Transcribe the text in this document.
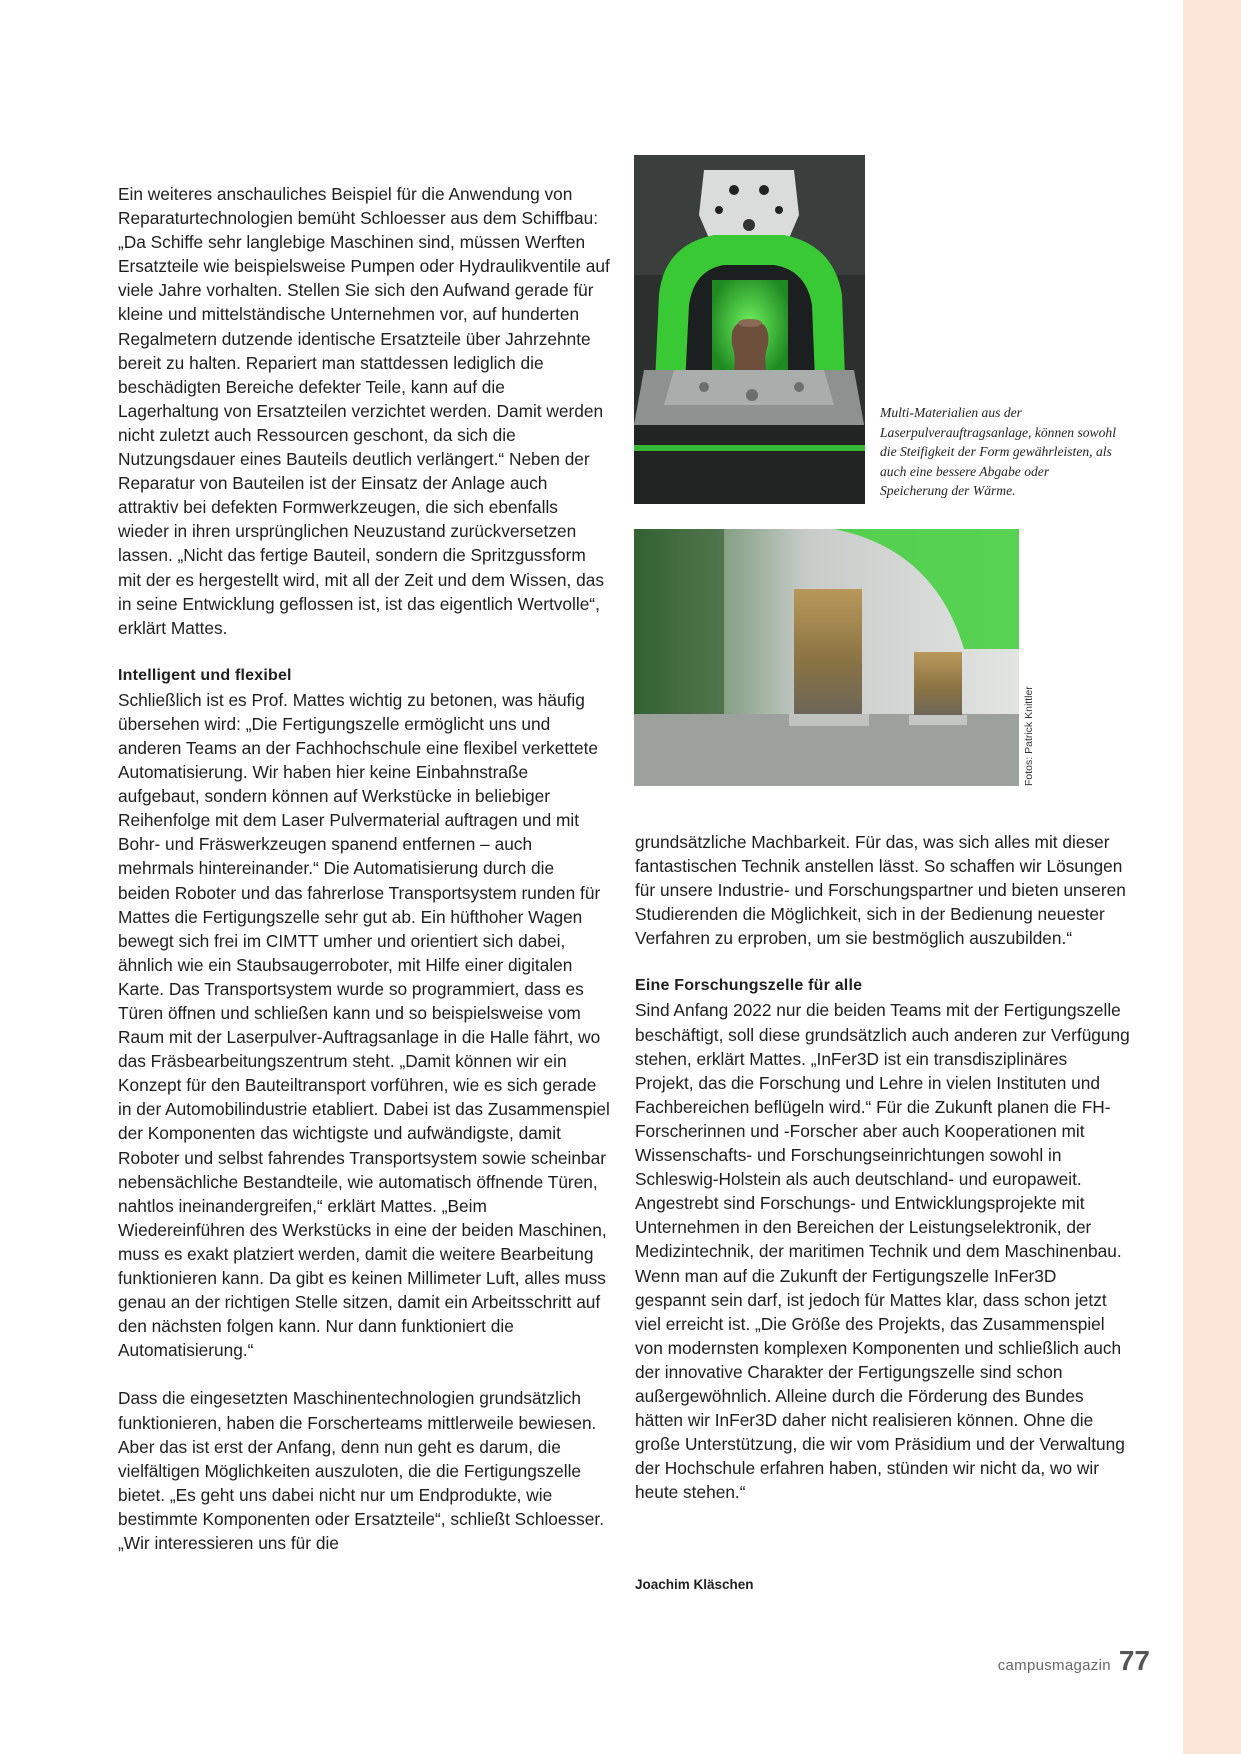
Ein weiteres anschauliches Beispiel für die Anwendung von Reparaturtechnologien bemüht Schloesser aus dem Schiffbau: „Da Schiffe sehr langlebige Maschinen sind, müssen Werften Ersatzteile wie beispielsweise Pumpen oder Hydraulikventile auf viele Jahre vorhalten. Stellen Sie sich den Aufwand gerade für kleine und mittelständische Unternehmen vor, auf hunderten Regalmetern dutzende identische Ersatzteile über Jahrzehnte bereit zu halten. Repariert man stattdessen lediglich die beschädigten Bereiche defekter Teile, kann auf die Lagerhaltung von Ersatzteilen verzichtet werden. Damit werden nicht zuletzt auch Ressourcen geschont, da sich die Nutzungsdauer eines Bauteils deutlich verlängert.“ Neben der Reparatur von Bauteilen ist der Einsatz der Anlage auch attraktiv bei defekten Formwerkzeugen, die sich ebenfalls wieder in ihren ursprünglichen Neuzustand zurückversetzen lassen. „Nicht das fertige Bauteil, sondern die Spritzgussform mit der es hergestellt wird, mit all der Zeit und dem Wissen, das in seine Entwicklung geflossen ist, ist das eigentlich Wertvolle“, erklärt Mattes.

Intelligent und flexibel

Schließlich ist es Prof. Mattes wichtig zu betonen, was häufig übersehen wird: „Die Fertigungszelle ermöglicht uns und anderen Teams an der Fachhochschule eine flexibel verkettete Automatisierung. Wir haben hier keine Einbahnstraße aufgebaut, sondern können auf Werkstücke in beliebiger Reihenfolge mit dem Laser Pulvermaterial auftragen und mit Bohr- und Fräswerkzeugen spanend entfernen – auch mehrmals hintereinander.“ Die Automatisierung durch die beiden Roboter und das fahrerlose Transportsystem runden für Mattes die Fertigungszelle sehr gut ab. Ein hüfthoher Wagen bewegt sich frei im CIMTT umher und orientiert sich dabei, ähnlich wie ein Staubsaugerroboter, mit Hilfe einer digitalen Karte. Das Transportsystem wurde so programmiert, dass es Türen öffnen und schließen kann und so beispielsweise vom Raum mit der Laserpulver-Auftragsanlage in die Halle fährt, wo das Fräsbearbeitungszentrum steht. „Damit können wir ein Konzept für den Bauteiltransport vorführen, wie es sich gerade in der Automobilindustrie etabliert. Dabei ist das Zusammenspiel der Komponenten das wichtigste und aufwändigste, damit Roboter und selbst fahrendes Transportsystem sowie scheinbar nebensächliche Bestandteile, wie automatisch öffnende Türen, nahtlos ineinandergreifen,“ erklärt Mattes. „Beim Wiedereinführen des Werkstücks in eine der beiden Maschinen, muss es exakt platziert werden, damit die weitere Bearbeitung funktionieren kann. Da gibt es keinen Millimeter Luft, alles muss genau an der richtigen Stelle sitzen, damit ein Arbeitsschritt auf den nächsten folgen kann. Nur dann funktioniert die Automatisierung.“

Dass die eingesetzten Maschinentechnologien grundsätzlich funktionieren, haben die Forscherteams mittlerweile bewiesen. Aber das ist erst der Anfang, denn nun geht es darum, die vielfältigen Möglichkeiten auszuloten, die die Fertigungszelle bietet. „Es geht uns dabei nicht nur um Endprodukte, wie bestimmte Komponenten oder Ersatzteile“, schließt Schloesser. „Wir interessieren uns für die

Multi-Materialien aus der Laserpulverauftragsanlage, können sowohl die Steifigkeit der Form gewährleisten, als auch eine bessere Abgabe oder Speicherung der Wärme.
Fotos: Patrick Knittler

grundsätzliche Machbarkeit. Für das, was sich alles mit dieser fantastischen Technik anstellen lässt. So schaffen wir Lösungen für unsere Industrie- und Forschungspartner und bieten unseren Studierenden die Möglichkeit, sich in der Bedienung neuester Verfahren zu erproben, um sie bestmöglich auszubilden.“

Eine Forschungszelle für alle

Sind Anfang 2022 nur die beiden Teams mit der Fertigungszelle beschäftigt, soll diese grundsätzlich auch anderen zur Verfügung stehen, erklärt Mattes. „InFer3D ist ein transdisziplinäres Projekt, das die Forschung und Lehre in vielen Instituten und Fachbereichen beflügeln wird.“ Für die Zukunft planen die FH-Forscherinnen und -Forscher aber auch Kooperationen mit Wissenschafts- und Forschungseinrichtungen sowohl in Schleswig-Holstein als auch deutschland- und europaweit. Angestrebt sind Forschungs- und Entwicklungsprojekte mit Unternehmen in den Bereichen der Leistungselektronik, der Medizintechnik, der maritimen Technik und dem Maschinenbau. Wenn man auf die Zukunft der Fertigungszelle InFer3D gespannt sein darf, ist jedoch für Mattes klar, dass schon jetzt viel erreicht ist. „Die Größe des Projekts, das Zusammenspiel von modernsten komplexen Komponenten und schließlich auch der innovative Charakter der Fertigungszelle sind schon außergewöhnlich. Alleine durch die Förderung des Bundes hätten wir InFer3D daher nicht realisieren können. Ohne die große Unterstützung, die wir vom Präsidium und der Verwaltung der Hochschule erfahren haben, stünden wir nicht da, wo wir heute stehen.“

Joachim Kläschen
campusmagazin 77
